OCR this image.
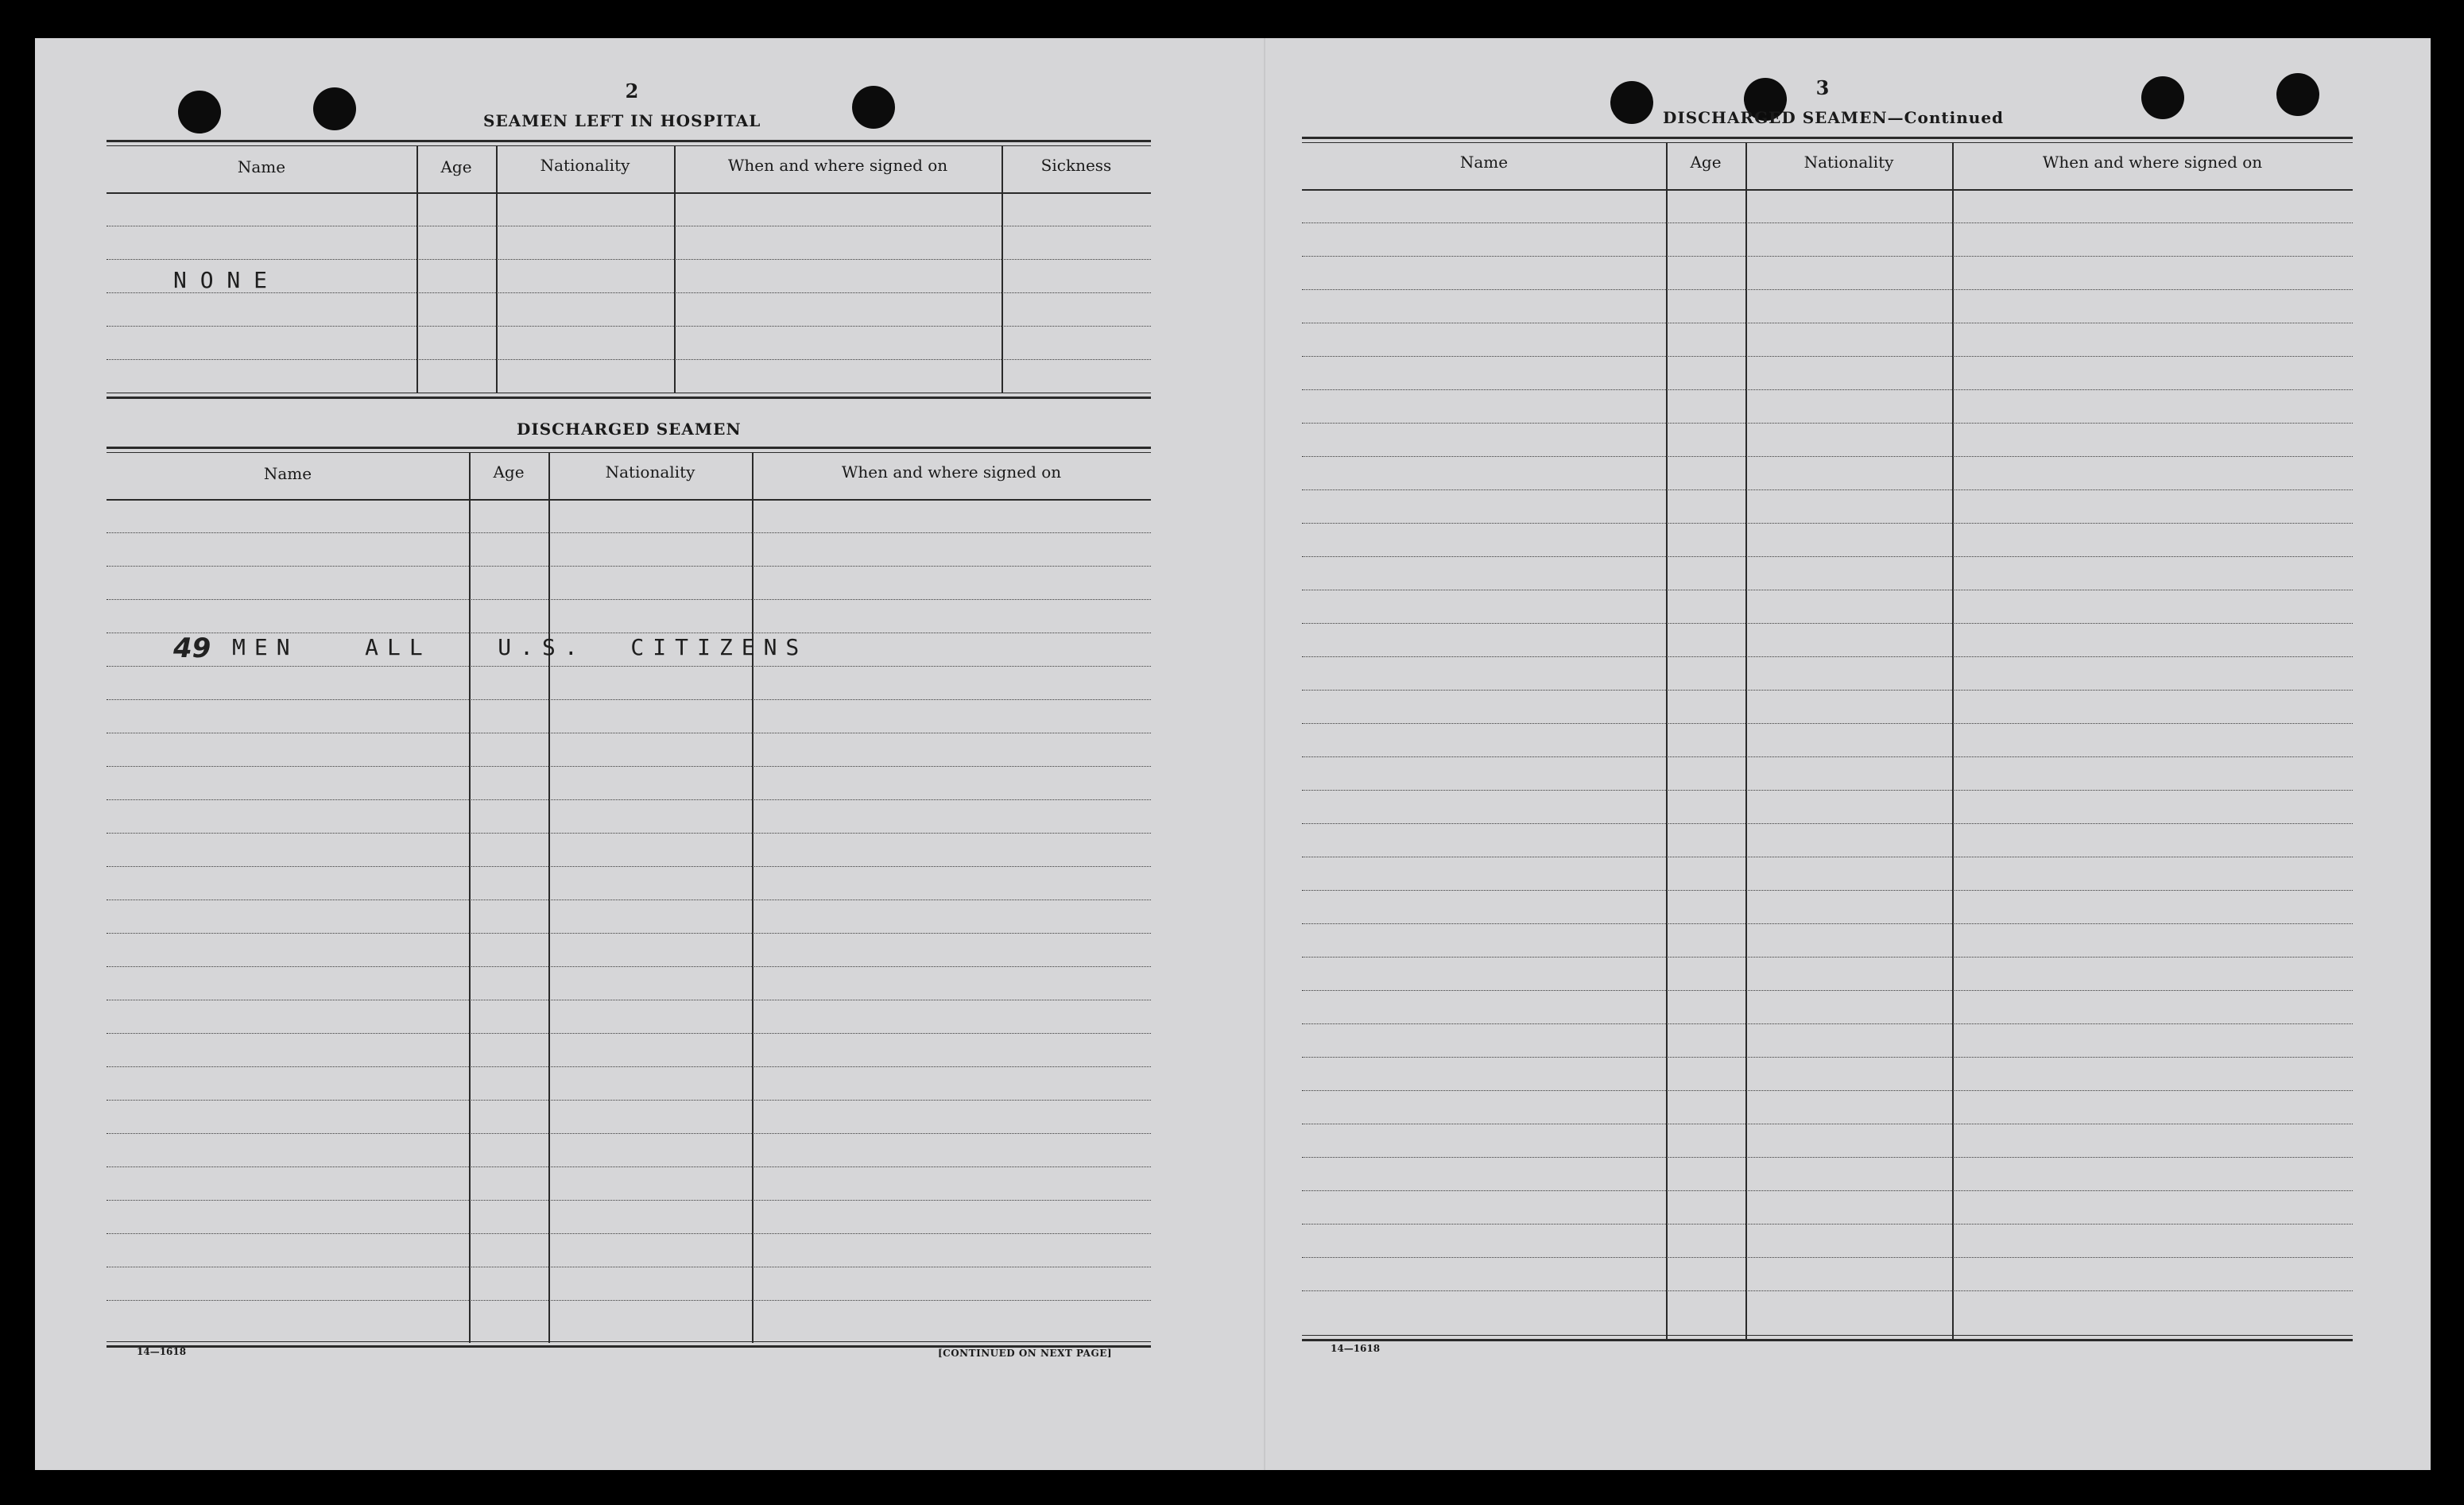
2
SEAMEN LEFT IN HOSPITAL
Name	Age	Nationality	When and where signed on	Sickness
N O N E
DISCHARGED SEAMEN
Name	Age	Nationality	When and where signed on
49 MEN   ALL   U.S.  CITIZENS
14—1618	[CONTINUED ON NEXT PAGE]
3
DISCHARGED SEAMEN—Continued
Name	Age	Nationality	When and where signed on
14—1618
